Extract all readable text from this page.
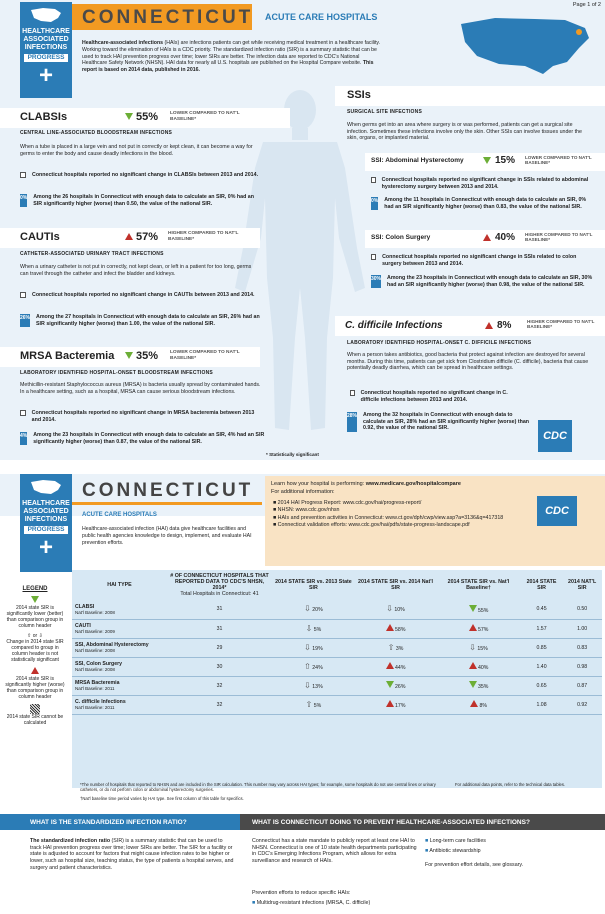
Page 1 of 2
HEALTHCARE
ASSOCIATED
INFECTIONS
PROGRESS
+
CONNECTICUT ACUTE CARE HOSPITALS
Healthcare-associated infections (HAIs) are infections patients can get while receiving medical treatment in a healthcare facility. Working toward the elimination of HAIs is a CDC priority. The standardized infection ratio (SIR) is a summary statistic that can be used to track HAI prevention progress over time; lower SIRs are better. The infection data are reported to CDC's National Healthcare Safety Network (NHSN). HAI data for nearly all U.S. hospitals are published on the Hospital Compare website. This report is based on 2014 data, published in 2016.
CLABSIs	55% LOWER COMPARED TO NAT'L BASELINE*
CENTRAL LINE-ASSOCIATED BLOODSTREAM INFECTIONS
When a tube is placed in a large vein and not put in correctly or kept clean, it can become a way for germs to enter the body and cause deadly infections in the blood.
Connecticut hospitals reported no significant change in CLABSIs between 2013 and 2014.
0% Among the 26 hospitals in Connecticut with enough data to calculate an SIR, 0% had an SIR significantly higher (worse) than 0.50, the value of the national SIR.
CAUTIs	57% HIGHER COMPARED TO NAT'L BASELINE*
CATHETER-ASSOCIATED URINARY TRACT INFECTIONS
When a urinary catheter is not put in correctly, not kept clean, or left in a patient for too long, germs can travel through the catheter and infect the bladder and kidneys.
Connecticut hospitals reported no significant change in CAUTIs between 2013 and 2014.
26% Among the 27 hospitals in Connecticut with enough data to calculate an SIR, 26% had an SIR significantly higher (worse) than 1.00, the value of the national SIR.
MRSA Bacteremia 35% LOWER COMPARED TO NAT'L BASELINE*
LABORATORY IDENTIFIED HOSPITAL-ONSET BLOODSTREAM INFECTIONS
Methicillin-resistant Staphylococcus aureus (MRSA) is bacteria usually spread by contaminated hands. In a healthcare setting, such as a hospital, MRSA can cause serious bloodstream infections.
Connecticut hospitals reported no significant change in MRSA bacteremia between 2013 and 2014.
4% Among the 23 hospitals in Connecticut with enough data to calculate an SIR, 4% had an SIR significantly higher (worse) than 0.87, the value of the national SIR.
SSIs
SURGICAL SITE INFECTIONS
When germs get into an area where surgery is or was performed, patients can get a surgical site infection. Sometimes these infections involve only the skin. Other SSIs can involve tissues under the skin, organs, or implanted material.
SSI: Abdominal Hysterectomy	15% LOWER COMPARED TO NAT'L BASELINE*
Connecticut hospitals reported no significant change in SSIs related to abdominal hysterectomy surgery between 2013 and 2014.
0% Among the 11 hospitals in Connecticut with enough data to calculate an SIR, 0% had an SIR significantly higher (worse) than 0.83, the value of the national SIR.
SSI: Colon Surgery	40% HIGHER COMPARED TO NAT'L BASELINE*
Connecticut hospitals reported no significant change in SSIs related to colon surgery between 2013 and 2014.
30% Among the 23 hospitals in Connecticut with enough data to calculate an SIR, 30% had an SIR significantly higher (worse) than 0.98, the value of the national SIR.
C. difficile Infections	8%	HIGHER COMPARED TO NAT'L BASELINE*
LABORATORY IDENTIFIED HOSPITAL-ONSET C. DIFFICILE INFECTIONS
When a person takes antibiotics, good bacteria that protect against infection are destroyed for several months. During this time, patients can get sick from Clostridium difficile (C. difficile), bacteria that cause potentially deadly diarrhea, which can be spread in healthcare settings.
Connecticut hospitals reported no significant change in C. difficile infections between 2013 and 2014.
28% Among the 32 hospitals in Connecticut with enough data to calculate an SIR, 28% had an SIR significantly higher (worse) than 0.92, the value of the national SIR.
CDC
* Statistically significant
HEALTHCARE
ASSOCIATED
INFECTIONS
PROGRESS
+
CONNECTICUT
ACUTE CARE HOSPITALS
Healthcare-associated infection (HAI) data give healthcare facilities and public health agencies knowledge to design, implement, and evaluate HAI prevention efforts.
Learn how your hospital is performing: www.medicare.gov/hospitalcompare
For additional information:
■ 2014 HAI Progress Report: www.cdc.gov/hai/progress-report/
■ NHSN: www.cdc.gov/nhsn
■ HAIs and prevention activities in Connecticut: www.ct.gov/dph/cwp/view.asp?a=3136&q=417318
■ Connecticut validation efforts: www.cdc.gov/hai/pdfs/state-progress-landscape.pdf
CDC
LEGEND
2014 state SIR is significantly lower (better) than comparison group in column header
⇧ or ⇩
Change in 2014 state SIR compared to group in column header is not statistically significant
2014 state SIR is significantly higher (worse) than comparison group in column header
2014 state SIR cannot be calculated
HAI TYPE	# OF CONNECTICUT HOSPITALS THAT REPORTED DATA TO CDC'S NHSN, 2014*
Total Hospitals in Connecticut: 41	2014 STATE SIR vs. 2013 State SIR	2014 STATE SIR vs. 2014 Nat'l SIR	2014 STATE SIR vs. Nat'l Baseline†	2014 STATE SIR	2014 NAT'L SIR

CLABSI
Nat'l Baseline: 2008	31	⇩ 20%	⇩ 10%	55%	0.45	0.50

CAUTI
Nat'l Baseline: 2009	31	⇩ 5%	58%	57%	1.57	1.00

SSI, Abdominal Hysterectomy
Nat'l Baseline: 2008	29	⇩ 19%	⇧ 3%	⇩ 15%	0.85	0.83

SSI, Colon Surgery
Nat'l Baseline: 2008	30	⇧ 24%	44%	40%	1.40	0.98

MRSA Bacteremia
Nat'l Baseline: 2011	32	⇩ 13%	26%	35%	0.65	0.87

C. difficile Infections
Nat'l Baseline: 2011	32	⇧ 5%	17%	8%	1.08	0.92
*The number of hospitals that reported to NHSN and are included in the SIR calculation. This number may vary across HAI types; for example, some hospitals do not use central lines or urinary catheters, or do not perform colon or abdominal hysterectomy surgeries.
For additional data points, refer to the technical data tables.
†Nat'l baseline time period varies by HAI type. See first column of this table for specifics.
WHAT IS THE STANDARDIZED INFECTION RATIO?	WHAT IS CONNECTICUT DOING TO PREVENT HEALTHCARE-ASSOCIATED INFECTIONS?
The standardized infection ratio (SIR) is a summary statistic that can be used to track HAI prevention progress over time; lower SIRs are better. The SIR for a facility or state is adjusted to account for factors that might cause infection rates to be higher or lower, such as hospital size, teaching status, the type of patients a hospital serves, and surgery and patient characteristics.
Connecticut has a state mandate to publicly report at least one HAI to NHSN. Connecticut is one of 10 state health departments participating in CDC's Emerging Infections Program, which allows for extra surveillance and research of HAIs.
Prevention efforts to reduce specific HAIs:
■ Multidrug-resistant infections (MRSA, C. difficile)
■ Long-term care facilities
■ Antibiotic stewardship
For prevention effort details, see glossary.
